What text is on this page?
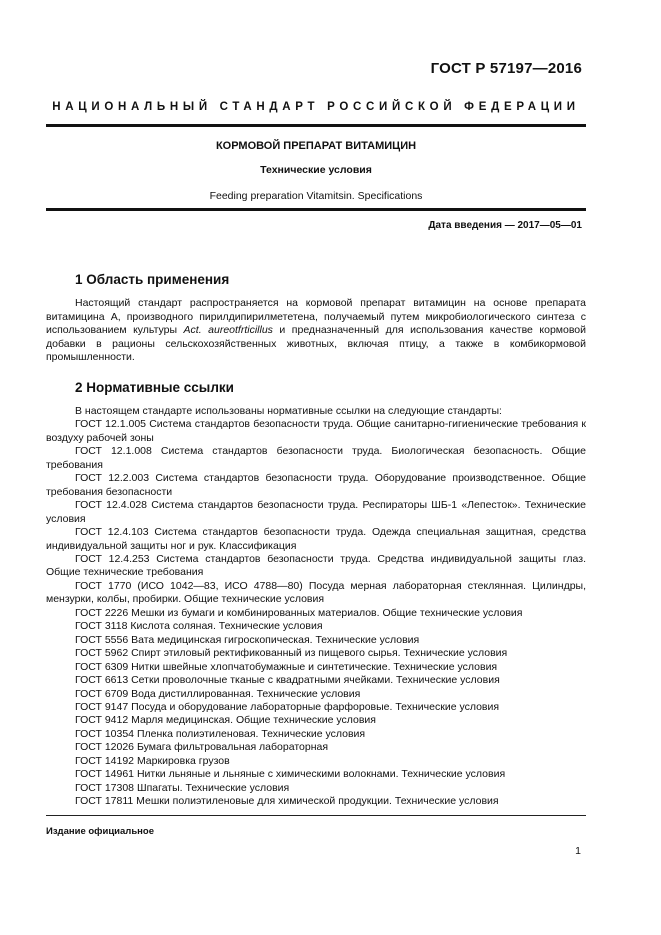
ГОСТ Р 57197—2016
НАЦИОНАЛЬНЫЙ СТАНДАРТ РОССИЙСКОЙ ФЕДЕРАЦИИ
КОРМОВОЙ ПРЕПАРАТ ВИТАМИЦИН
Технические условия
Feeding preparation Vitamitsin. Specifications
Дата введения — 2017—05—01
1 Область применения
Настоящий стандарт распространяется на кормовой препарат витамицин на основе препарата витамицина А, производного пирилдипирилмететена, получаемый путем микробиологического синтеза с использованием культуры Act. aureotfrticillus и предназначенный для использования качестве кормовой добавки в рационы сельскохозяйственных животных, включая птицу, а также в комбикормовой промышленности.
2 Нормативные ссылки
В настоящем стандарте использованы нормативные ссылки на следующие стандарты:
ГОСТ 12.1.005 Система стандартов безопасности труда. Общие санитарно-гигиенические требования к воздуху рабочей зоны
ГОСТ 12.1.008 Система стандартов безопасности труда. Биологическая безопасность. Общие требования
ГОСТ 12.2.003 Система стандартов безопасности труда. Оборудование производственное. Общие требования безопасности
ГОСТ 12.4.028 Система стандартов безопасности труда. Респираторы ШБ-1 «Лепесток». Технические условия
ГОСТ 12.4.103 Система стандартов безопасности труда. Одежда специальная защитная, средства индивидуальной защиты ног и рук. Классификация
ГОСТ 12.4.253 Система стандартов безопасности труда. Средства индивидуальной защиты глаз. Общие технические требования
ГОСТ 1770 (ИСО 1042—83, ИСО 4788—80) Посуда мерная лабораторная стеклянная. Цилиндры, мензурки, колбы, пробирки. Общие технические условия
ГОСТ 2226 Мешки из бумаги и комбинированных материалов. Общие технические условия
ГОСТ 3118 Кислота соляная. Технические условия
ГОСТ 5556 Вата медицинская гигроскопическая. Технические условия
ГОСТ 5962 Спирт этиловый ректификованный из пищевого сырья. Технические условия
ГОСТ 6309 Нитки швейные хлопчатобумажные и синтетические. Технические условия
ГОСТ 6613 Сетки проволочные тканые с квадратными ячейками. Технические условия
ГОСТ 6709 Вода дистиллированная. Технические условия
ГОСТ 9147 Посуда и оборудование лабораторные фарфоровые. Технические условия
ГОСТ 9412 Марля медицинская. Общие технические условия
ГОСТ 10354 Пленка полиэтиленовая. Технические условия
ГОСТ 12026 Бумага фильтровальная лабораторная
ГОСТ 14192 Маркировка грузов
ГОСТ 14961 Нитки льняные и льняные с химическими волокнами. Технические условия
ГОСТ 17308 Шпагаты. Технические условия
ГОСТ 17811 Мешки полиэтиленовые для химической продукции. Технические условия
Издание официальное
1
